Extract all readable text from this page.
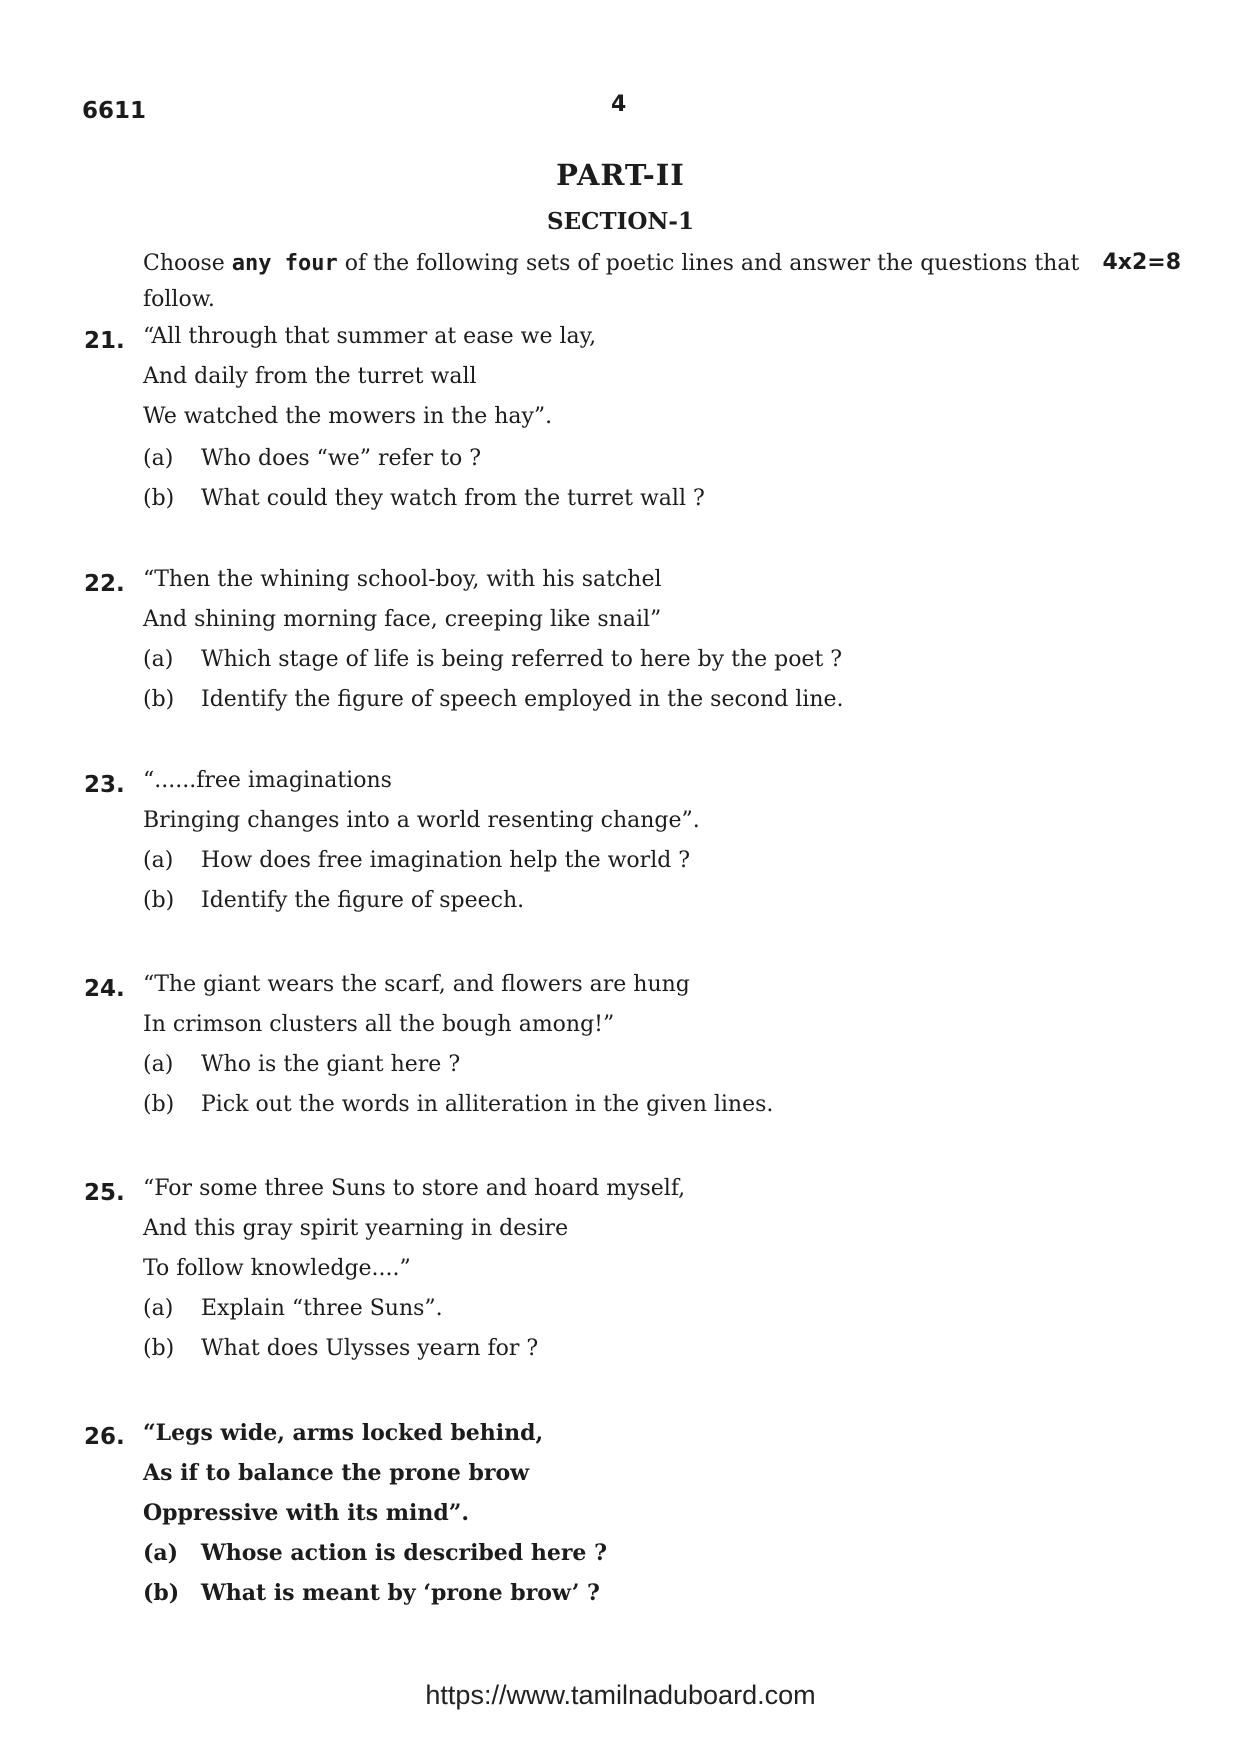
6611	4
PART-II
SECTION-1
Choose any four of the following sets of poetic lines and answer the questions that follow.
4x2=8
21. “All through that summer at ease we lay,
And daily from the turret wall
We watched the mowers in the hay”.
(a) Who does “we” refer to ?
(b) What could they watch from the turret wall ?
22. “Then the whining school-boy, with his satchel
And shining morning face, creeping like snail”
(a) Which stage of life is being referred to here by the poet ?
(b) Identify the figure of speech employed in the second line.
23. “......free imaginations
Bringing changes into a world resenting change”.
(a) How does free imagination help the world ?
(b) Identify the figure of speech.
24. “The giant wears the scarf, and flowers are hung
In crimson clusters all the bough among!”
(a) Who is the giant here ?
(b) Pick out the words in alliteration in the given lines.
25. “For some three Suns to store and hoard myself,
And this gray spirit yearning in desire
To follow knowledge....”
(a) Explain “three Suns”.
(b) What does Ulysses yearn for ?
26. “Legs wide, arms locked behind,
As if to balance the prone brow
Oppressive with its mind”.
(a) Whose action is described here ?
(b) What is meant by ‘prone brow’ ?
https://www.tamilnaduboard.com
